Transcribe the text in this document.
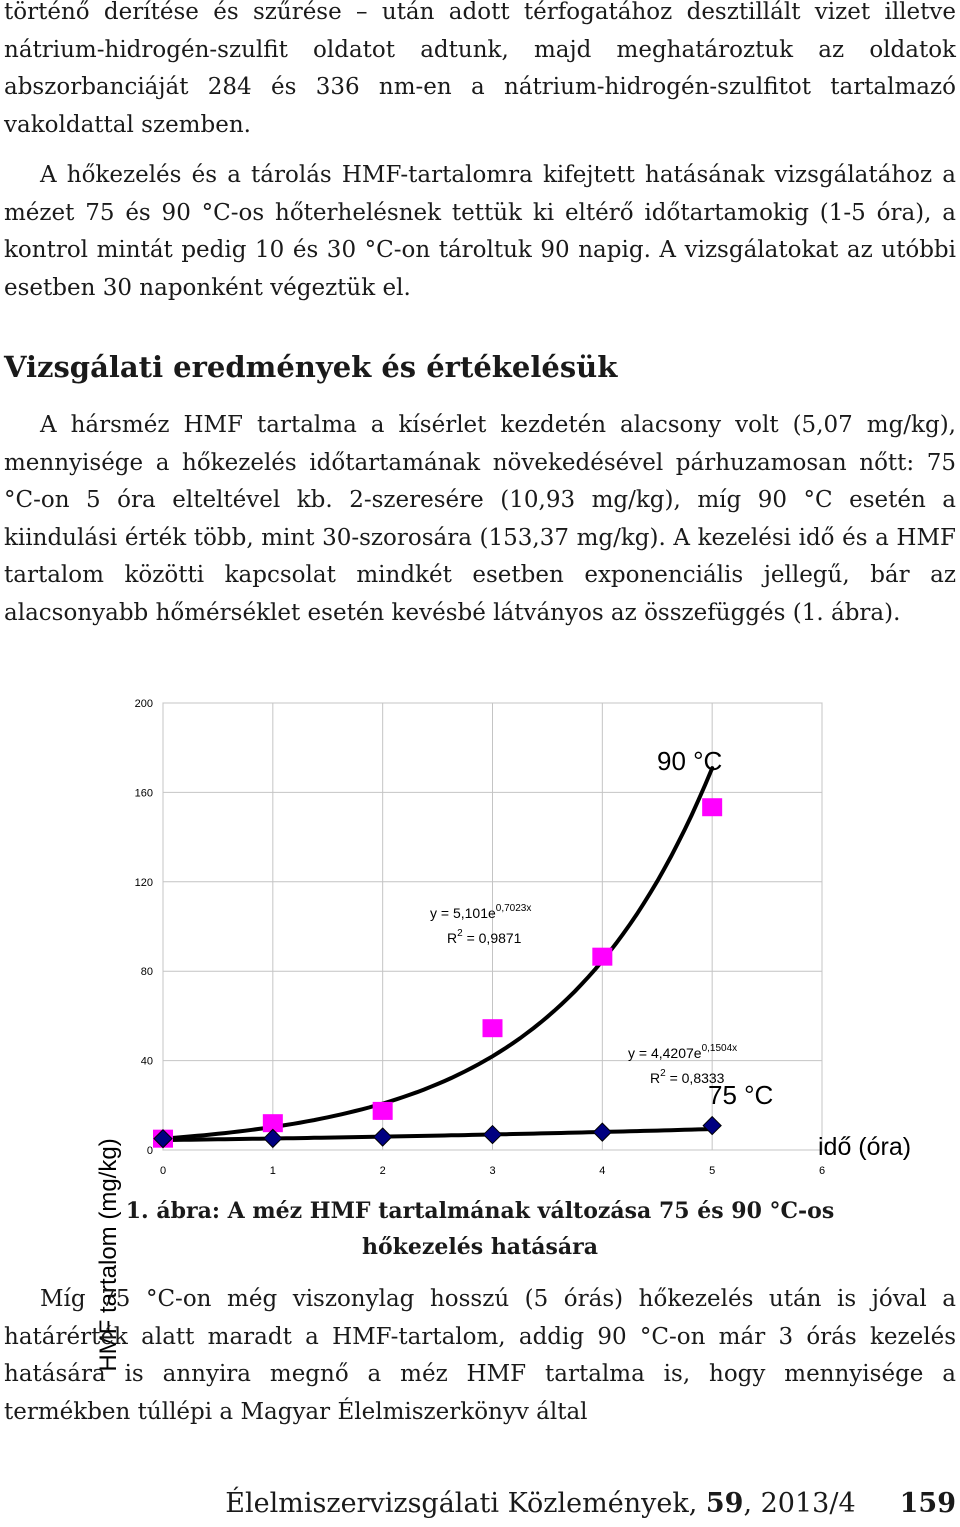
történő derítése és szűrése – után adott térfogatához desztillált vizet illetve nátrium-hidrogén-szulfit oldatot adtunk, majd meghatároztuk az oldatok abszorbanciáját 284 és 336 nm-en a nátrium-hidrogén-szulfitot tartalmazó vakoldattal szemben.

A hőkezelés és a tárolás HMF-tartalomra kifejtett hatásának vizsgálatához a mézet 75 és 90 °C-os hőterhelésnek tettük ki eltérő időtartamokig (1-5 óra), a kontrol mintát pedig 10 és 30 °C-on tároltuk 90 napig. A vizsgálatokat az utóbbi esetben 30 naponként végeztük el.

Vizsgálati eredmények és értékelésük

A hársméz HMF tartalma a kísérlet kezdetén alacsony volt (5,07 mg/kg), mennyisége a hőkezelés időtartamának növekedésével párhuzamosan nőtt: 75 °C-on 5 óra elteltével kb. 2-szeresére (10,93 mg/kg), míg 90 °C esetén a kiindulási érték több, mint 30-szorosára (153,37 mg/kg). A kezelési idő és a HMF tartalom közötti kapcsolat mindkét esetben exponenciális jellegű, bár az alacsonyabb hőmérséklet esetén kevésbé látványos az összefüggés (1. ábra).

0
40
80
120
160
200
0	1	2	3	4	5	6
HMF tartalom (mg/kg)	idő (óra)
90 °C
75 °C
$y = 5,101e^{0,7023x}$
$R^2 = 0,9871$
$y = 4,4207e^{0,1504x}$
$R^2 = 0,8333$
1. ábra: A méz HMF tartalmának változása 75 és 90 °C-os
hőkezelés hatására

Míg 75 °C-on még viszonylag hosszú (5 órás) hőkezelés után is jóval a határérték alatt maradt a HMF-tartalom, addig 90 °C-on már 3 órás kezelés hatására is annyira megnő a méz HMF tartalma is, hogy mennyisége a termékben túllépi a Magyar Élelmiszerkönyv által

Élelmiszervizsgálati Közlemények, 59, 2013/4 159
